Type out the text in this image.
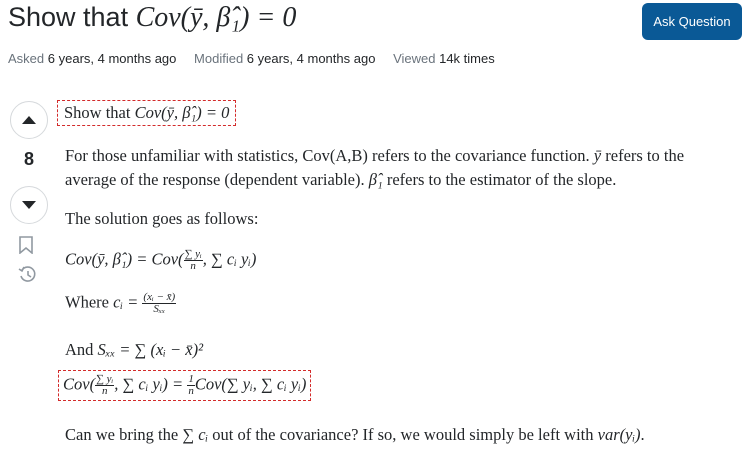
Show that Cov(ȳ, β̂₁) = 0	Ask Question
Asked 6 years, 4 months ago Modified 6 years, 4 months ago Viewed 14k times
8
Show that Cov(ȳ, β̂₁) = 0
For those unfamiliar with statistics, Cov(A,B) refers to the covariance function. ȳ refers to the
average of the response (dependent variable). β̂₁ refers to the estimator of the slope.
The solution goes as follows:
Cov(ȳ, β̂₁) = $Cov( \frac{\text{∑ yᵢ}}{n}$ , ∑ cᵢ yᵢ)
Where cᵢ = $\frac{\text{(xᵢ − x̄)}}{\text{Sₓₓ}}$
And Sₓₓ = ∑ (xᵢ − x̄)²
$Cov( \frac{\text{∑ yᵢ}}{n}$ , ∑ cᵢ yᵢ) = $\frac{1}{n} Cov(\sum$ yᵢ, ∑ cᵢ yᵢ)
Can we bring the ∑ cᵢ out of the covariance? If so, we would simply be left with var(yᵢ).
